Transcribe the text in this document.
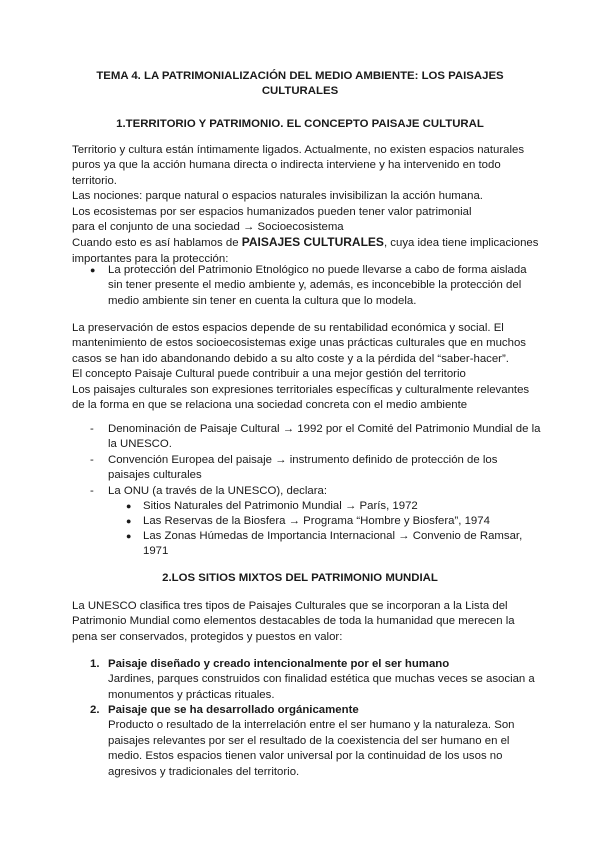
TEMA 4. LA PATRIMONIALIZACIÓN DEL MEDIO AMBIENTE: LOS PAISAJES
CULTURALES
1.TERRITORIO Y PATRIMONIO. EL CONCEPTO PAISAJE CULTURAL
Territorio y cultura están íntimamente ligados. Actualmente, no existen espacios naturales
puros ya que la acción humana directa o indirecta interviene y ha intervenido en todo
territorio.
Las nociones: parque natural o espacios naturales invisibilizan la acción humana.
Los ecosistemas por ser espacios humanizados pueden tener valor patrimonial
para el conjunto de una sociedad → Socioecosistema
Cuando esto es así hablamos de PAISAJES CULTURALES, cuya idea tiene implicaciones
importantes para la protección:
● La protección del Patrimonio Etnológico no puede llevarse a cabo de forma aislada
sin tener presente el medio ambiente y, además, es inconcebible la protección del
medio ambiente sin tener en cuenta la cultura que lo modela.
La preservación de estos espacios depende de su rentabilidad económica y social. El
mantenimiento de estos socioecosistemas exige unas prácticas culturales que en muchos
casos se han ido abandonando debido a su alto coste y a la pérdida del “saber-hacer”.
El concepto Paisaje Cultural puede contribuir a una mejor gestión del territorio
Los paisajes culturales son expresiones territoriales específicas y culturalmente relevantes
de la forma en que se relaciona una sociedad concreta con el medio ambiente
- Denominación de Paisaje Cultural → 1992 por el Comité del Patrimonio Mundial de la
la UNESCO.
- Convención Europea del paisaje → instrumento definido de protección de los
paisajes culturales
- La ONU (a través de la UNESCO), declara:
● Sitios Naturales del Patrimonio Mundial → París, 1972
● Las Reservas de la Biosfera → Programa “Hombre y Biosfera”, 1974
● Las Zonas Húmedas de Importancia Internacional → Convenio de Ramsar,
1971
2.LOS SITIOS MIXTOS DEL PATRIMONIO MUNDIAL
La UNESCO clasifica tres tipos de Paisajes Culturales que se incorporan a la Lista del
Patrimonio Mundial como elementos destacables de toda la humanidad que merecen la
pena ser conservados, protegidos y puestos en valor:
1. Paisaje diseñado y creado intencionalmente por el ser humano
Jardines, parques construidos con finalidad estética que muchas veces se asocian a
monumentos y prácticas rituales.
2. Paisaje que se ha desarrollado orgánicamente
Producto o resultado de la interrelación entre el ser humano y la naturaleza. Son
paisajes relevantes por ser el resultado de la coexistencia del ser humano en el
medio. Estos espacios tienen valor universal por la continuidad de los usos no
agresivos y tradicionales del territorio.
